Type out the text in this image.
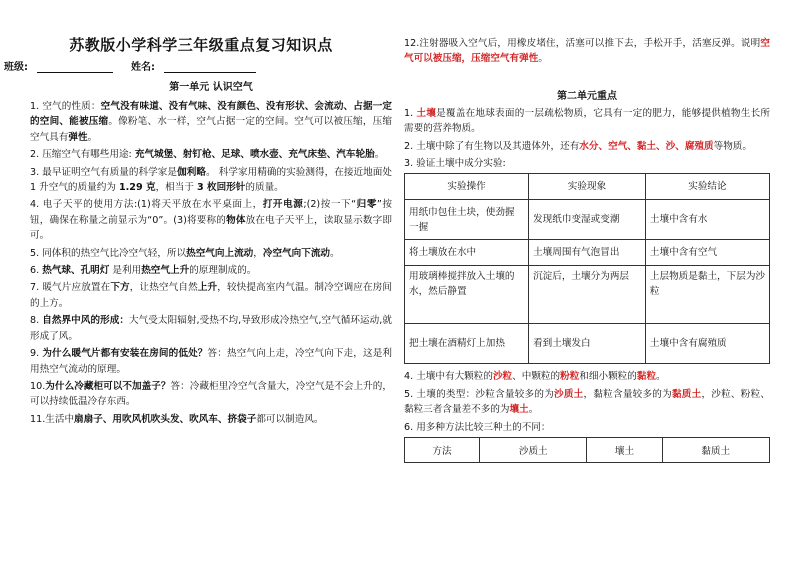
苏教版小学科学三年级重点复习知识点
班级:	姓名:
第一单元 认识空气

1. 空气的性质：空气没有味道、没有气味、没有颜色、没有形状、会流动、占据一定的空间、能被压缩。像粉笔、水一样，空气占据一定的空间。空气可以被压缩，压缩空气具有弹性。

2. 压缩空气有哪些用途: 充气城堡、射钉枪、足球、喷水壶、充气床垫、汽车轮胎。

3. 最早证明空气有质量的科学家是伽利略。 科学家用精确的实验测得，在接近地面处 1 升空气的质量约为 1.29 克，相当于 3 枚回形针的质量。

4. 电子天平的使用方法:(1)将天平放在水平桌面上，打开电源;(2)按一下“归零”按钮，确保在称量之前显示为“0”。(3)将要称的物体放在电子天平上，读取显示数字即可。

5. 同体积的热空气比冷空气轻，所以热空气向上流动，冷空气向下流动。

6. 热气球、孔明灯 是利用热空气上升的原理制成的。

7. 暖气片应放置在下方，让热空气自然上升，较快提高室内气温。制冷空调应在房间的上方。

8. 自然界中风的形成：大气受太阳辐射,受热不均,导致形成冷热空气,空气循环运动,就形成了风。

9. 为什么暖气片都有安装在房间的低处？答：热空气向上走，冷空气向下走，这是利用热空气流动的原理。

10.为什么冷藏柜可以不加盖子？答：冷藏柜里冷空气含量大，冷空气是不会上升的，可以持续低温冷存东西。

11.生活中扇扇子、用吹风机吹头发、吹风车、挤袋子都可以制造风。

12.注射器吸入空气后，用橡皮堵住，活塞可以推下去，手松开手，活塞反弹。说明空气可以被压缩，压缩空气有弹性。

第二单元重点

1. 土壤是覆盖在地球表面的一层疏松物质，它具有一定的肥力，能够提供植物生长所需要的营养物质。

2. 土壤中除了有生物以及其遗体外，还有水分、空气、黏土、沙、腐殖质等物质。

3. 验证土壤中成分实验:

实验操作	实验现象	实验结论
用纸巾包住土块，使劲握一握	发现纸巾变湿或变潮	土壤中含有水
将土壤放在水中	土壤周围有气泡冒出	土壤中含有空气
用玻璃棒搅拌放入土壤的水，然后静置	沉淀后，土壤分为两层	上层物质是黏土，下层为沙粒
把土壤在酒精灯上加热	看到土壤发白	土壤中含有腐殖质

4. 土壤中有大颗粒的沙粒、中颗粒的粉粒和细小颗粒的黏粒。

5. 土壤的类型：沙粒含量较多的为沙质土，黏粒含量较多的为黏质土，沙粒、粉粒、黏粒三者含量差不多的为壤土。

6. 用多种方法比较三种土的不同：

方法	沙质土	壤土	黏质土
